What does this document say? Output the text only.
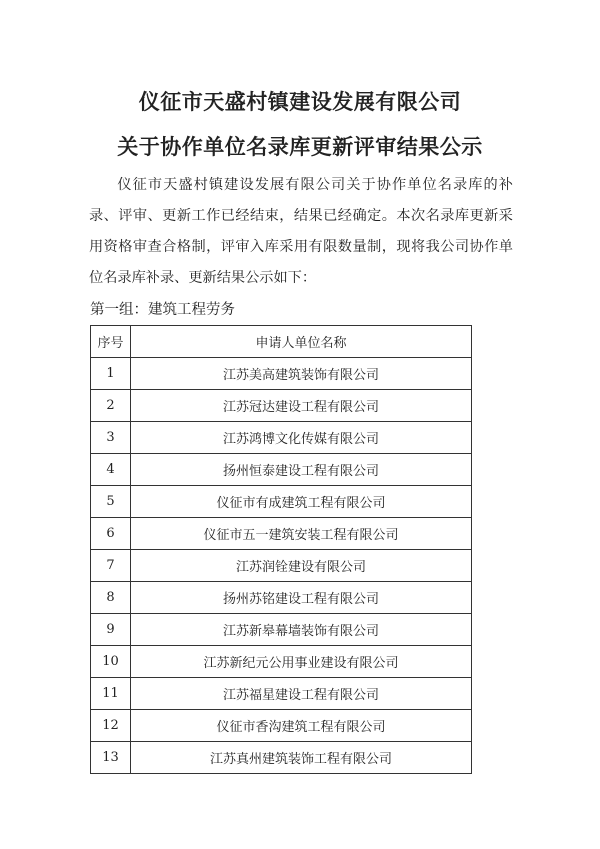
仪征市天盛村镇建设发展有限公司
关于协作单位名录库更新评审结果公示
仪征市天盛村镇建设发展有限公司关于协作单位名录库的补录、评审、更新工作已经结束，结果已经确定。本次名录库更新采用资格审查合格制，评审入库采用有限数量制，现将我公司协作单位名录库补录、更新结果公示如下：
第一组：建筑工程劳务
序号	申请人单位名称
1	江苏美高建筑装饰有限公司
2	江苏冠达建设工程有限公司
3	江苏鸿博文化传媒有限公司
4	扬州恒泰建设工程有限公司
5	仪征市有成建筑工程有限公司
6	仪征市五一建筑安装工程有限公司
7	江苏润铨建设有限公司
8	扬州苏铭建设工程有限公司
9	江苏新皋幕墙装饰有限公司
10	江苏新纪元公用事业建设有限公司
11	江苏福星建设工程有限公司
12	仪征市香沟建筑工程有限公司
13	江苏真州建筑装饰工程有限公司
